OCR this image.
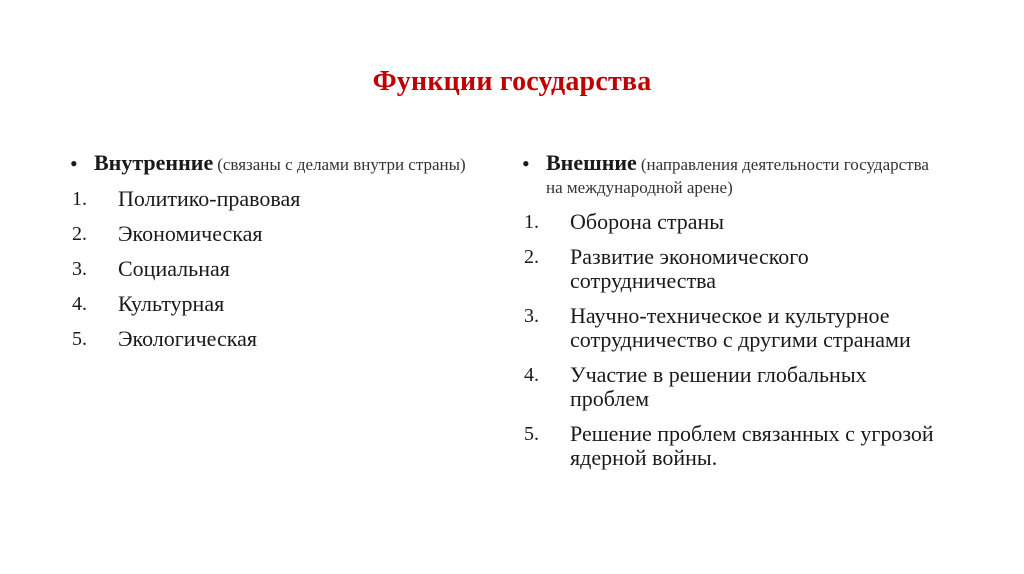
Функции государства
• Внутренние (связаны с делами внутри страны)
1.	Политико-правовая
2.	Экономическая
3.	Социальная
4.	Культурная
5.	Экологическая
• Внешние (направления деятельности государства на международной арене)
1.	Оборона страны
2.	Развитие экономического сотрудничества
3.	Научно-техническое и культурное сотрудничество с другими странами
4.	Участие в решении глобальных проблем
5.	Решение проблем связанных с угрозой ядерной войны.
